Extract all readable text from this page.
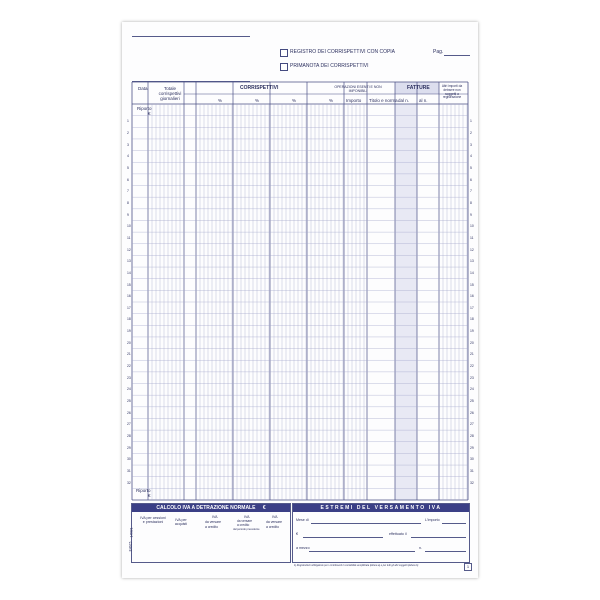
REGISTRO DEI CORRISPETTIVI CON COPIA
PRIMANOTA DEI CORRISPETTIVI
Pag.
Data	Totale corrispettivi giornalieri
CORRISPETTIVI	OPERAZIONI ESENTI E NON IMPONIBILI
Importo Titolo e norma
FATTURE
dal n. al n.
Altri importi da detrarre non soggetti a registrazione
%	%	%	%
Riporto
€
Riporto
€
1	1
2	2
3	3
4	4
5	5
6	6
7	7
8	8
9	9
10	10
11	11
12	12
13	13
14	14
15	15
16	16
17	17
18	18
19	19
20	20
21	21
22	22
23	23
24	24
25	25
26	26
27	27
28	28
29	29
30	30
31	31
32	32
CALCOLO IVA A DETRAZIONE NORMALE €
IVA per cessioni e prestazioni
IVA per acquisti
IVA
da versare
a credito
IVA
da versare
a credito
dal periodo precedente
IVA
da versare
a credito
E4915
1458/1
ESTREMI DEL VERSAMENTO IVA
Mese di	L'importo
€	effettuato il
a mezzo	n.
1) Registrazioni obbligatorie per i contribuenti in contabilità semplificata (lettera a) e per tutti gli altri soggetti (lettera b)	1
